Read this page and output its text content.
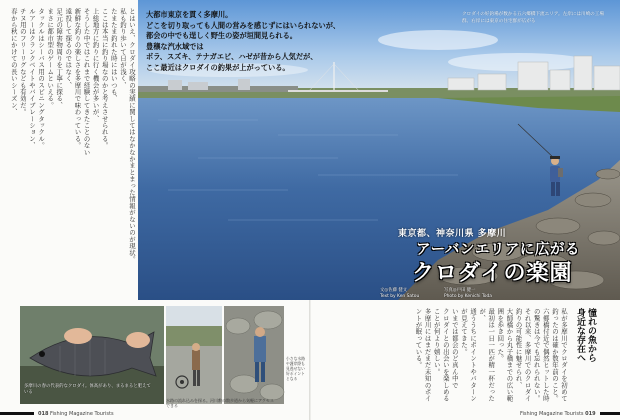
とはいえ、クロダイ攻略の実績に関してはなかなかまとまった情報がないのが現状。

私も釣り歩いて日が浅く、

たまたま釣れた時にはいつも、

ここは本当に釣り場なのかと考えさせられる。

上総地方に釣りに行く機会が多いが、

そうした中ではこれまで経験してきたことのない

新鮮な釣りの楽しさを多摩川で味わっている。

遠投して探るのではなく、

足元の障害物周りを丁寧に探る、

まさに都市型のゲームといえる。

タックルはシーバス用のスピニングタックル。

ルアーはクランクベイトやバイブレーション、

チヌ用のフリーリグなども有効だ。

春から秋にかけての長いシーズン、	大都市東京を貫く多摩川。
どこを切り取っても人間の営みを感じずにはいられないが、
都会の中でも逞しく野生の姿が垣間見られる。
豊穣な汽水域では
ボラ、スズキ、テナガエビ、ハゼが昔から人気だが、
ここ最近はクロダイの釣果が上がっている。
クロダイの好釣場が数かる五六郷橋下流エリア。左岸には川崎の工場群、右岸には東京の住宅群が広がる
東京都、神奈川県 多摩川
アーバンエリアに広がる
クロダイの楽園
文◎佐藤 健文
Text by Ken Satou
写真◎戸田 健一
Photo by Kenichi Toda
多摩川の春の代表的なクロダイ。体高があり、まるまると肥えている
水路の流れ込みを探る。河川敷の散歩道から気軽にアクセスできる
小さな水路や護岸際も見逃せない好ポイントとなる
憧れの魚から
身近な存在へ

私が多摩川でクロダイを初めて釣ったのは確か数年前のこと。

六郷橋付近で偶然ヒットした時の驚きは今でも忘れられない。

それ以来、多摩川でのクロダイ釣りの可能性に魅せられ、

大師橋から丸子橋までの広い範囲を歩き回った。

最初は一日一匹が精一杯だったが、

通ううちにポイントやパターンが見えてきた。

いまでは都会のど真ん中で

クロダイとの出会いを楽しめることが何より嬉しい。

多摩川にはまだまだ未知のポイントが眠っている。

018 Fishing Magazine Tourists	Fishing Magazine Tourists 019
